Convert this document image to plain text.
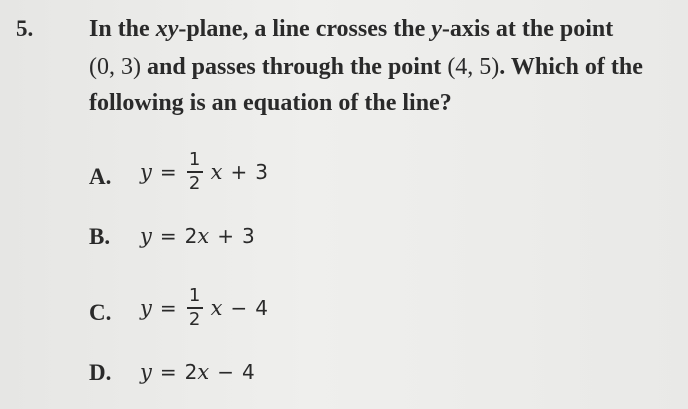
5. In the xy-plane, a line crosses the y-axis at the point
(0, 3) and passes through the point (4, 5). Which of the
following is an equation of the line?
A. $y = \frac{1}{2}$ x + 3
B. y = 2 x + 3
C. $y = \frac{1}{2}$ x − 4
D. y = 2 x − 4
